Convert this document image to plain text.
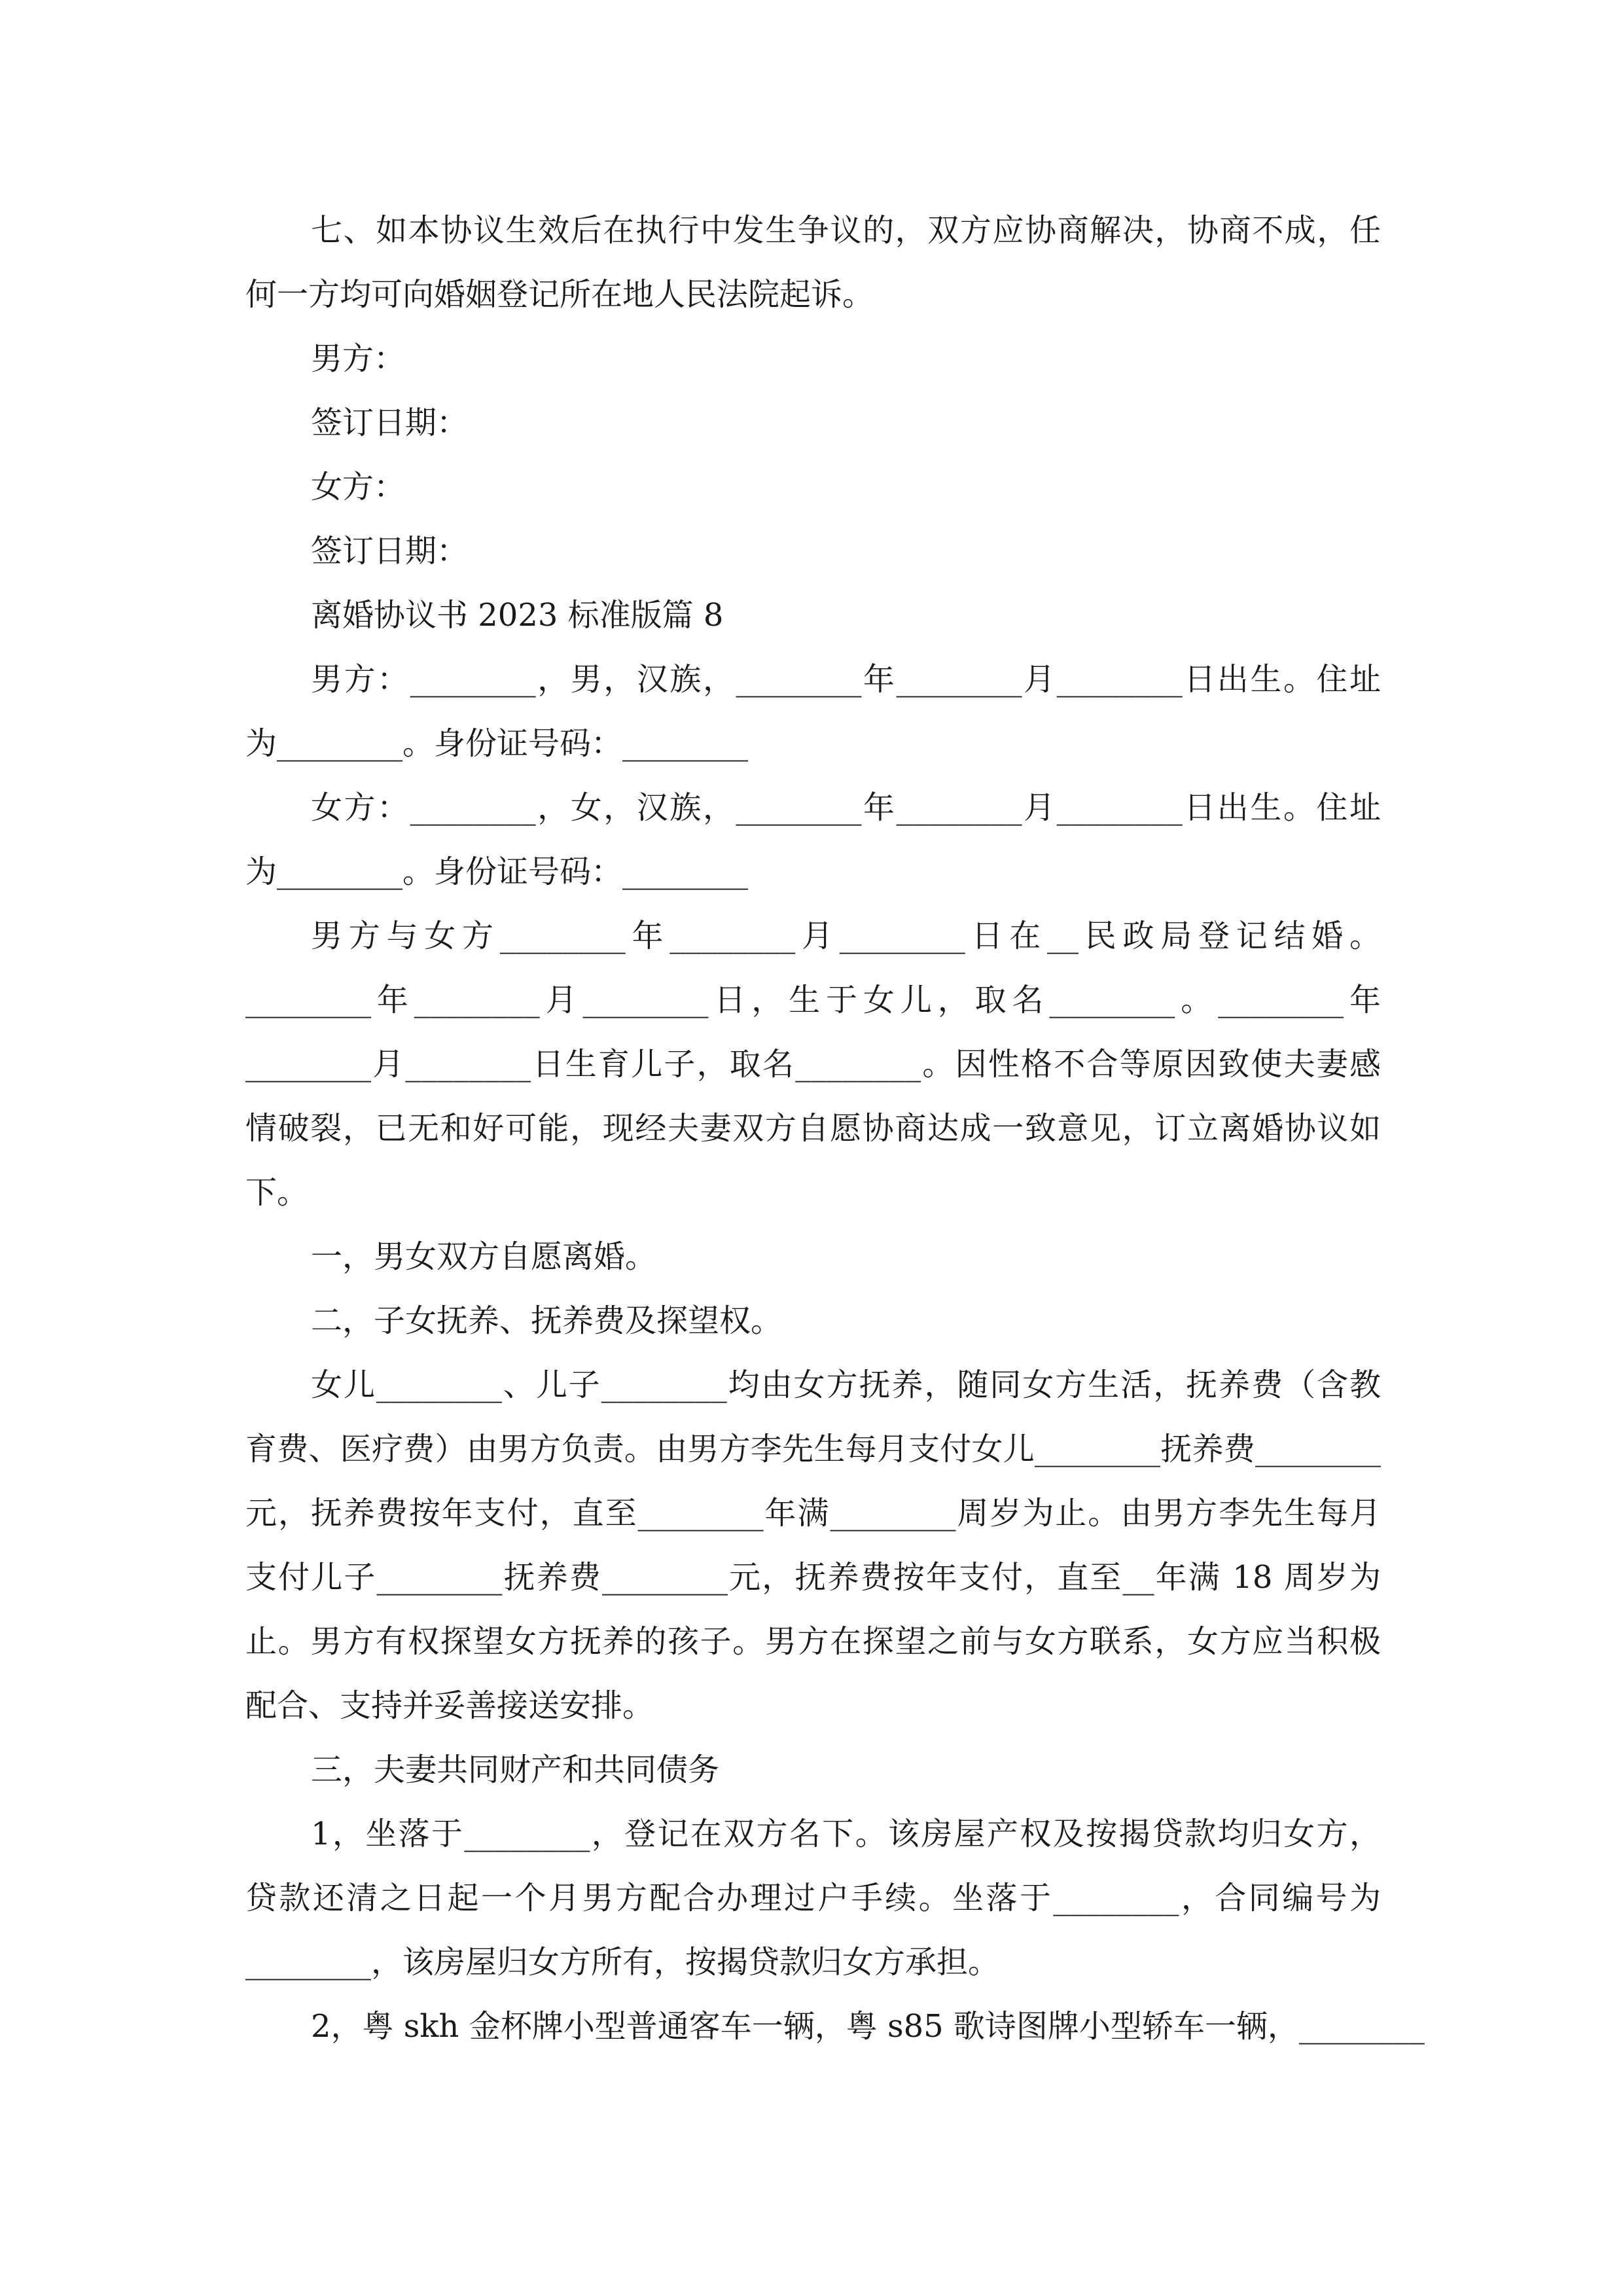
七、如本协议生效后在执行中发生争议的，双方应协商解决，协商不成，任
何一方均可向婚姻登记所在地人民法院起诉。
男方：
签订日期：
女方：
签订日期：
离婚协议书 2023 标准版篇 8
男方：________，男，汉族，________年________月________日出生。住址
为________。身份证号码：________
女方：________，女，汉族，________年________月________日出生。住址
为________。身份证号码：________
男方与女方________年________月________日在__民政局登记结婚。
________年________月________日，生于女儿，取名________。________年
________月________日生育儿子，取名________。因性格不合等原因致使夫妻感
情破裂，已无和好可能，现经夫妻双方自愿协商达成一致意见，订立离婚协议如
下。
一，男女双方自愿离婚。
二，子女抚养、抚养费及探望权。
女儿________、儿子________均由女方抚养，随同女方生活，抚养费（含教
育费、医疗费）由男方负责。由男方李先生每月支付女儿________抚养费________
元，抚养费按年支付，直至________年满________周岁为止。由男方李先生每月
支付儿子________抚养费________元，抚养费按年支付，直至__年满 18 周岁为
止。男方有权探望女方抚养的孩子。男方在探望之前与女方联系，女方应当积极
配合、支持并妥善接送安排。
三，夫妻共同财产和共同债务
1，坐落于________，登记在双方名下。该房屋产权及按揭贷款均归女方，
贷款还清之日起一个月男方配合办理过户手续。坐落于________，合同编号为
________，该房屋归女方所有，按揭贷款归女方承担。
2，粤 skh 金杯牌小型普通客车一辆，粤 s85 歌诗图牌小型轿车一辆，________
